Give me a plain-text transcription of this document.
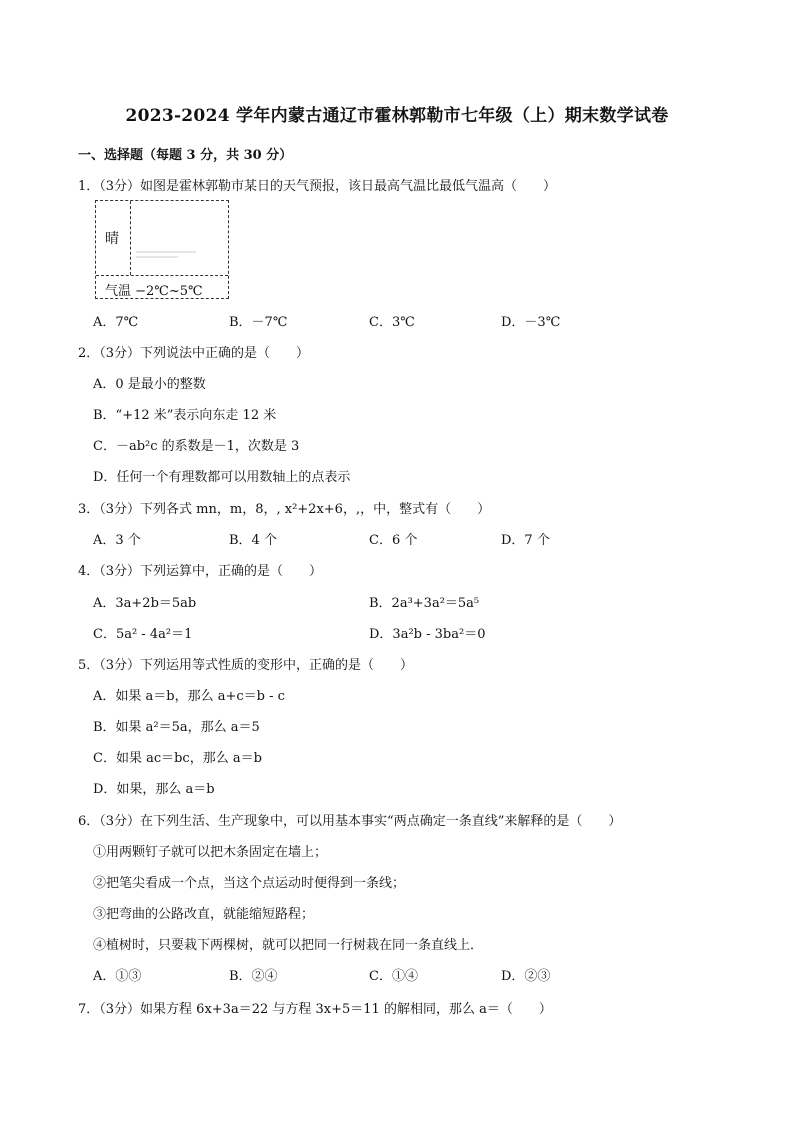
2023-2024 学年内蒙古通辽市霍林郭勒市七年级（上）期末数学试卷
一、选择题（每题 3 分，共 30 分）
1．（3分）如图是霍林郭勒市某日的天气预报，该日最高气温比最低气温高（　　）
晴
气温 −2℃~5℃
A．7℃	B．－7℃	C．3℃	D．－3℃
2．（3分）下列说法中正确的是（　　）
A．0 是最小的整数
B．“+12 米”表示向东走 12 米
C．－ab²c 的系数是－1，次数是 3
D．任何一个有理数都可以用数轴上的点表示
3．（3分）下列各式 mn，m，8，, x²+2x+6，,，中，整式有（　　）
A．3 个	B．4 个	C．6 个	D．7 个
4．（3分）下列运算中，正确的是（　　）
A．3a+2b＝5ab	B．2a³+3a²＝5a⁵
C．5a² - 4a²＝1	D．3a²b - 3ba²＝0
5．（3分）下列运用等式性质的变形中，正确的是（　　）
A．如果 a＝b，那么 a+c＝b - c
B．如果 a²＝5a，那么 a＝5
C．如果 ac＝bc，那么 a＝b
D．如果，那么 a＝b
6．（3分）在下列生活、生产现象中，可以用基本事实“两点确定一条直线”来解释的是（　　）
①用两颗钉子就可以把木条固定在墙上；
②把笔尖看成一个点，当这个点运动时便得到一条线；
③把弯曲的公路改直，就能缩短路程；
④植树时，只要栽下两棵树，就可以把同一行树栽在同一条直线上．
A．①③	B．②④	C．①④	D．②③
7．（3分）如果方程 6x+3a＝22 与方程 3x+5＝11 的解相同，那么 a＝（　　）
